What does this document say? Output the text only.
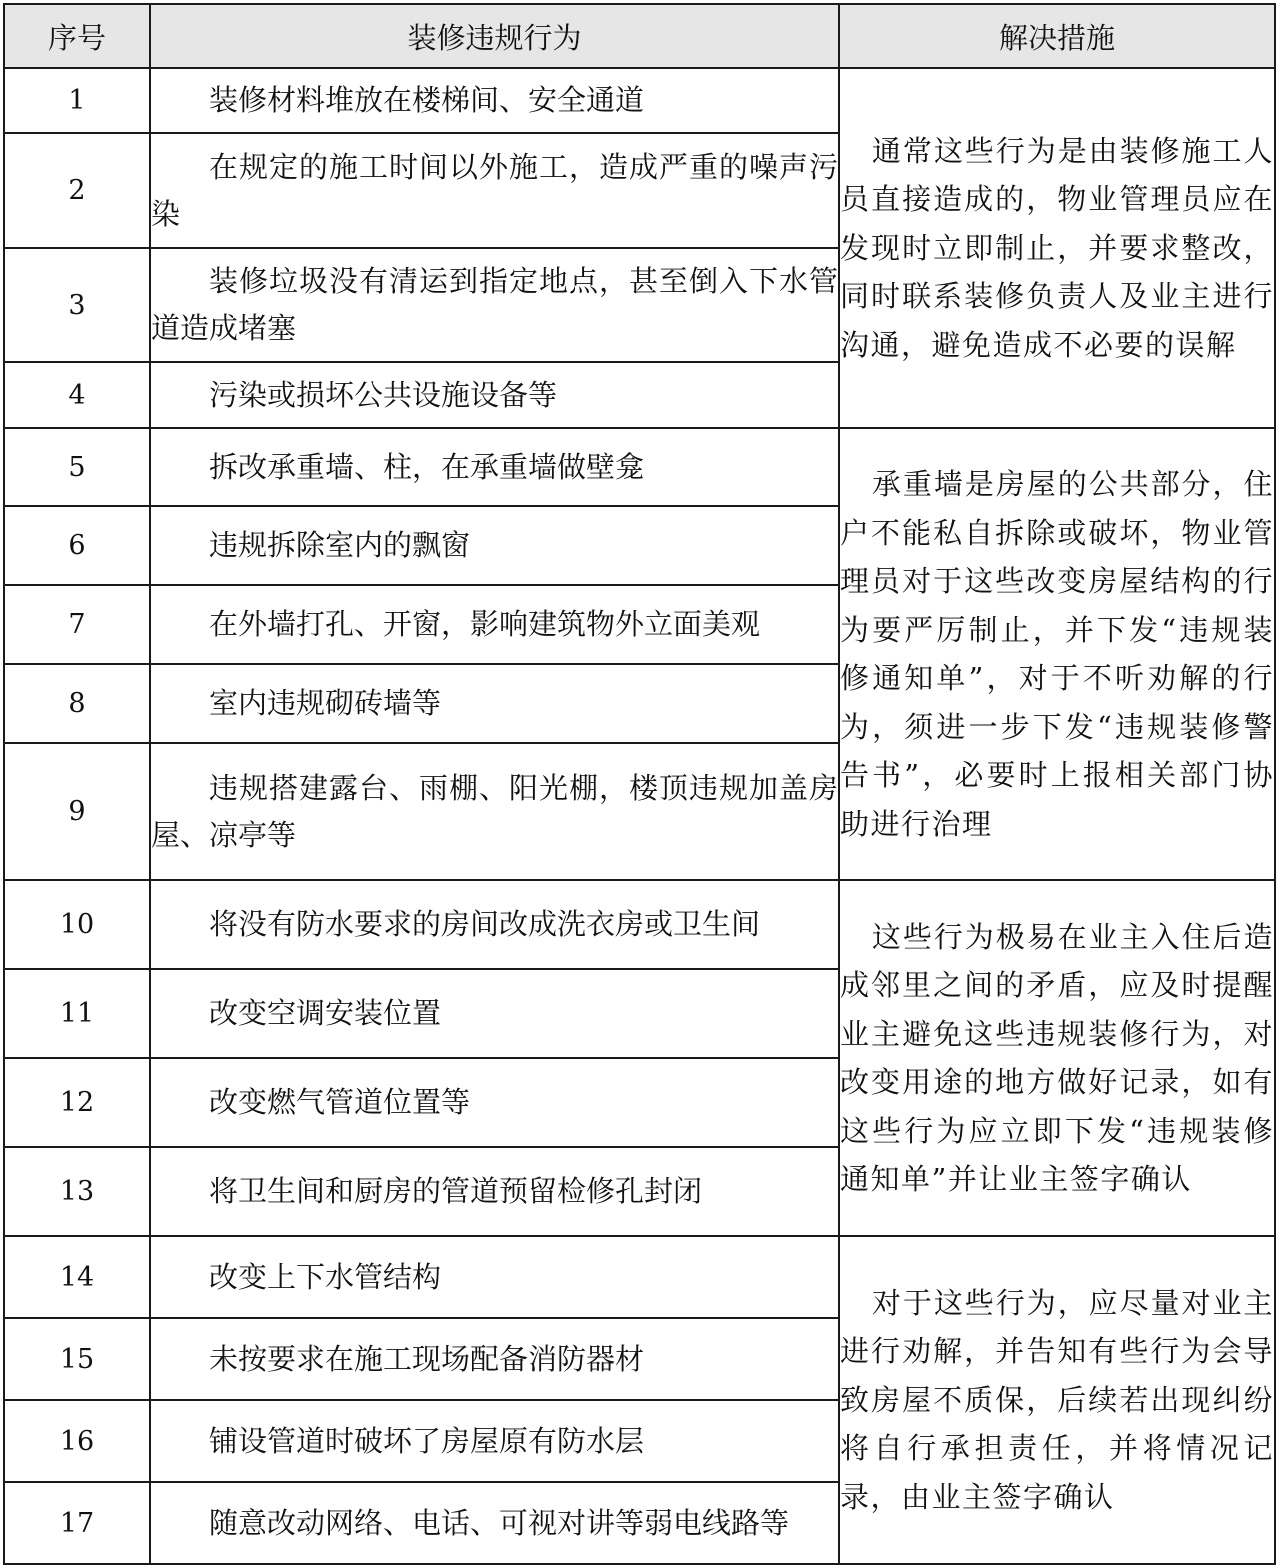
序号	装修违规行为	解决措施
1	装修材料堆放在楼梯间、安全通道	通常这些行为是由装修施工人员直接造成的，物业管理员应在发现时立即制止，并要求整改，同时联系装修负责人及业主进行沟通，避免造成不必要的误解

2	在规定的施工时间以外施工，造成严重的噪声污染	

3	装修垃圾没有清运到指定地点，甚至倒入下水管道造成堵塞	

4	污染或损坏公共设施设备等	

5	拆改承重墙、柱，在承重墙做壁龛	承重墙是房屋的公共部分，住户不能私自拆除或破坏，物业管理员对于这些改变房屋结构的行为要严厉制止，并下发“违规装修通知单”，对于不听劝解的行为，须进一步下发“违规装修警告书”，必要时上报相关部门协助进行治理

6	违规拆除室内的飘窗	

7	在外墙打孔、开窗，影响建筑物外立面美观	

8	室内违规砌砖墙等	

9	违规搭建露台、雨棚、阳光棚，楼顶违规加盖房屋、凉亭等	

10	将没有防水要求的房间改成洗衣房或卫生间	这些行为极易在业主入住后造成邻里之间的矛盾，应及时提醒业主避免这些违规装修行为，对改变用途的地方做好记录，如有这些行为应立即下发“违规装修通知单”并让业主签字确认

11	改变空调安装位置	

12	改变燃气管道位置等	

13	将卫生间和厨房的管道预留检修孔封闭	

14	改变上下水管结构	对于这些行为，应尽量对业主进行劝解，并告知有些行为会导致房屋不质保，后续若出现纠纷将自行承担责任，并将情况记录，由业主签字确认

15	未按要求在施工现场配备消防器材	

16	铺设管道时破坏了房屋原有防水层	

17	随意改动网络、电话、可视对讲等弱电线路等	
